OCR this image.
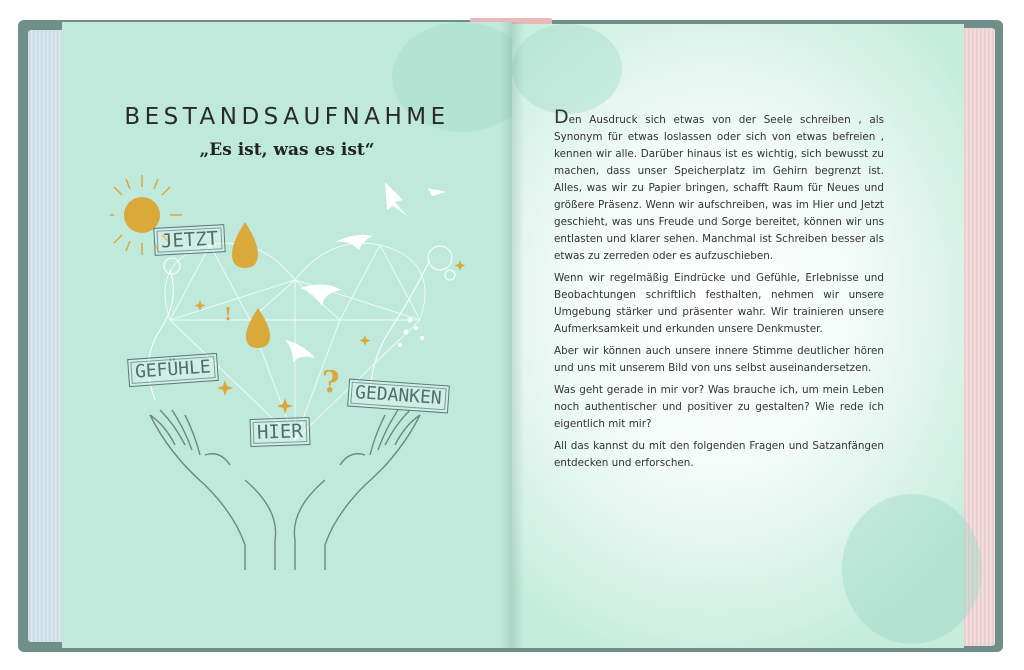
BESTANDSAUFNAHME
„Es ist, was es ist“
?
!
JETZT
GEFÜHLE
HIER
GEDANKEN

Den Ausdruck sich etwas von der Seele schreiben , als Synonym für etwas loslassen oder sich von etwas befreien , kennen wir alle. Darüber hinaus ist es wichtig, sich bewusst zu machen, dass unser Speicherplatz im Gehirn begrenzt ist. Alles, was wir zu Papier bringen, schafft Raum für Neues und größere Präsenz. Wenn wir aufschreiben, was im Hier und Jetzt geschieht, was uns Freude und Sorge bereitet, können wir uns entlasten und klarer sehen. Manchmal ist Schreiben besser als etwas zu zerreden oder es aufzuschieben.

Wenn wir regelmäßig Eindrücke und Gefühle, Erlebnisse und Beobachtungen schriftlich festhalten, nehmen wir unsere Umgebung stärker und präsenter wahr. Wir trainieren unsere Aufmerksamkeit und erkunden unsere Denkmuster.

Aber wir können auch unsere innere Stimme deutlicher hören und uns mit unserem Bild von uns selbst auseinandersetzen.

Was geht gerade in mir vor? Was brauche ich, um mein Leben noch authentischer und positiver zu gestalten? Wie rede ich eigentlich mit mir?

All das kannst du mit den folgenden Fragen und Satzanfängen entdecken und erforschen.
